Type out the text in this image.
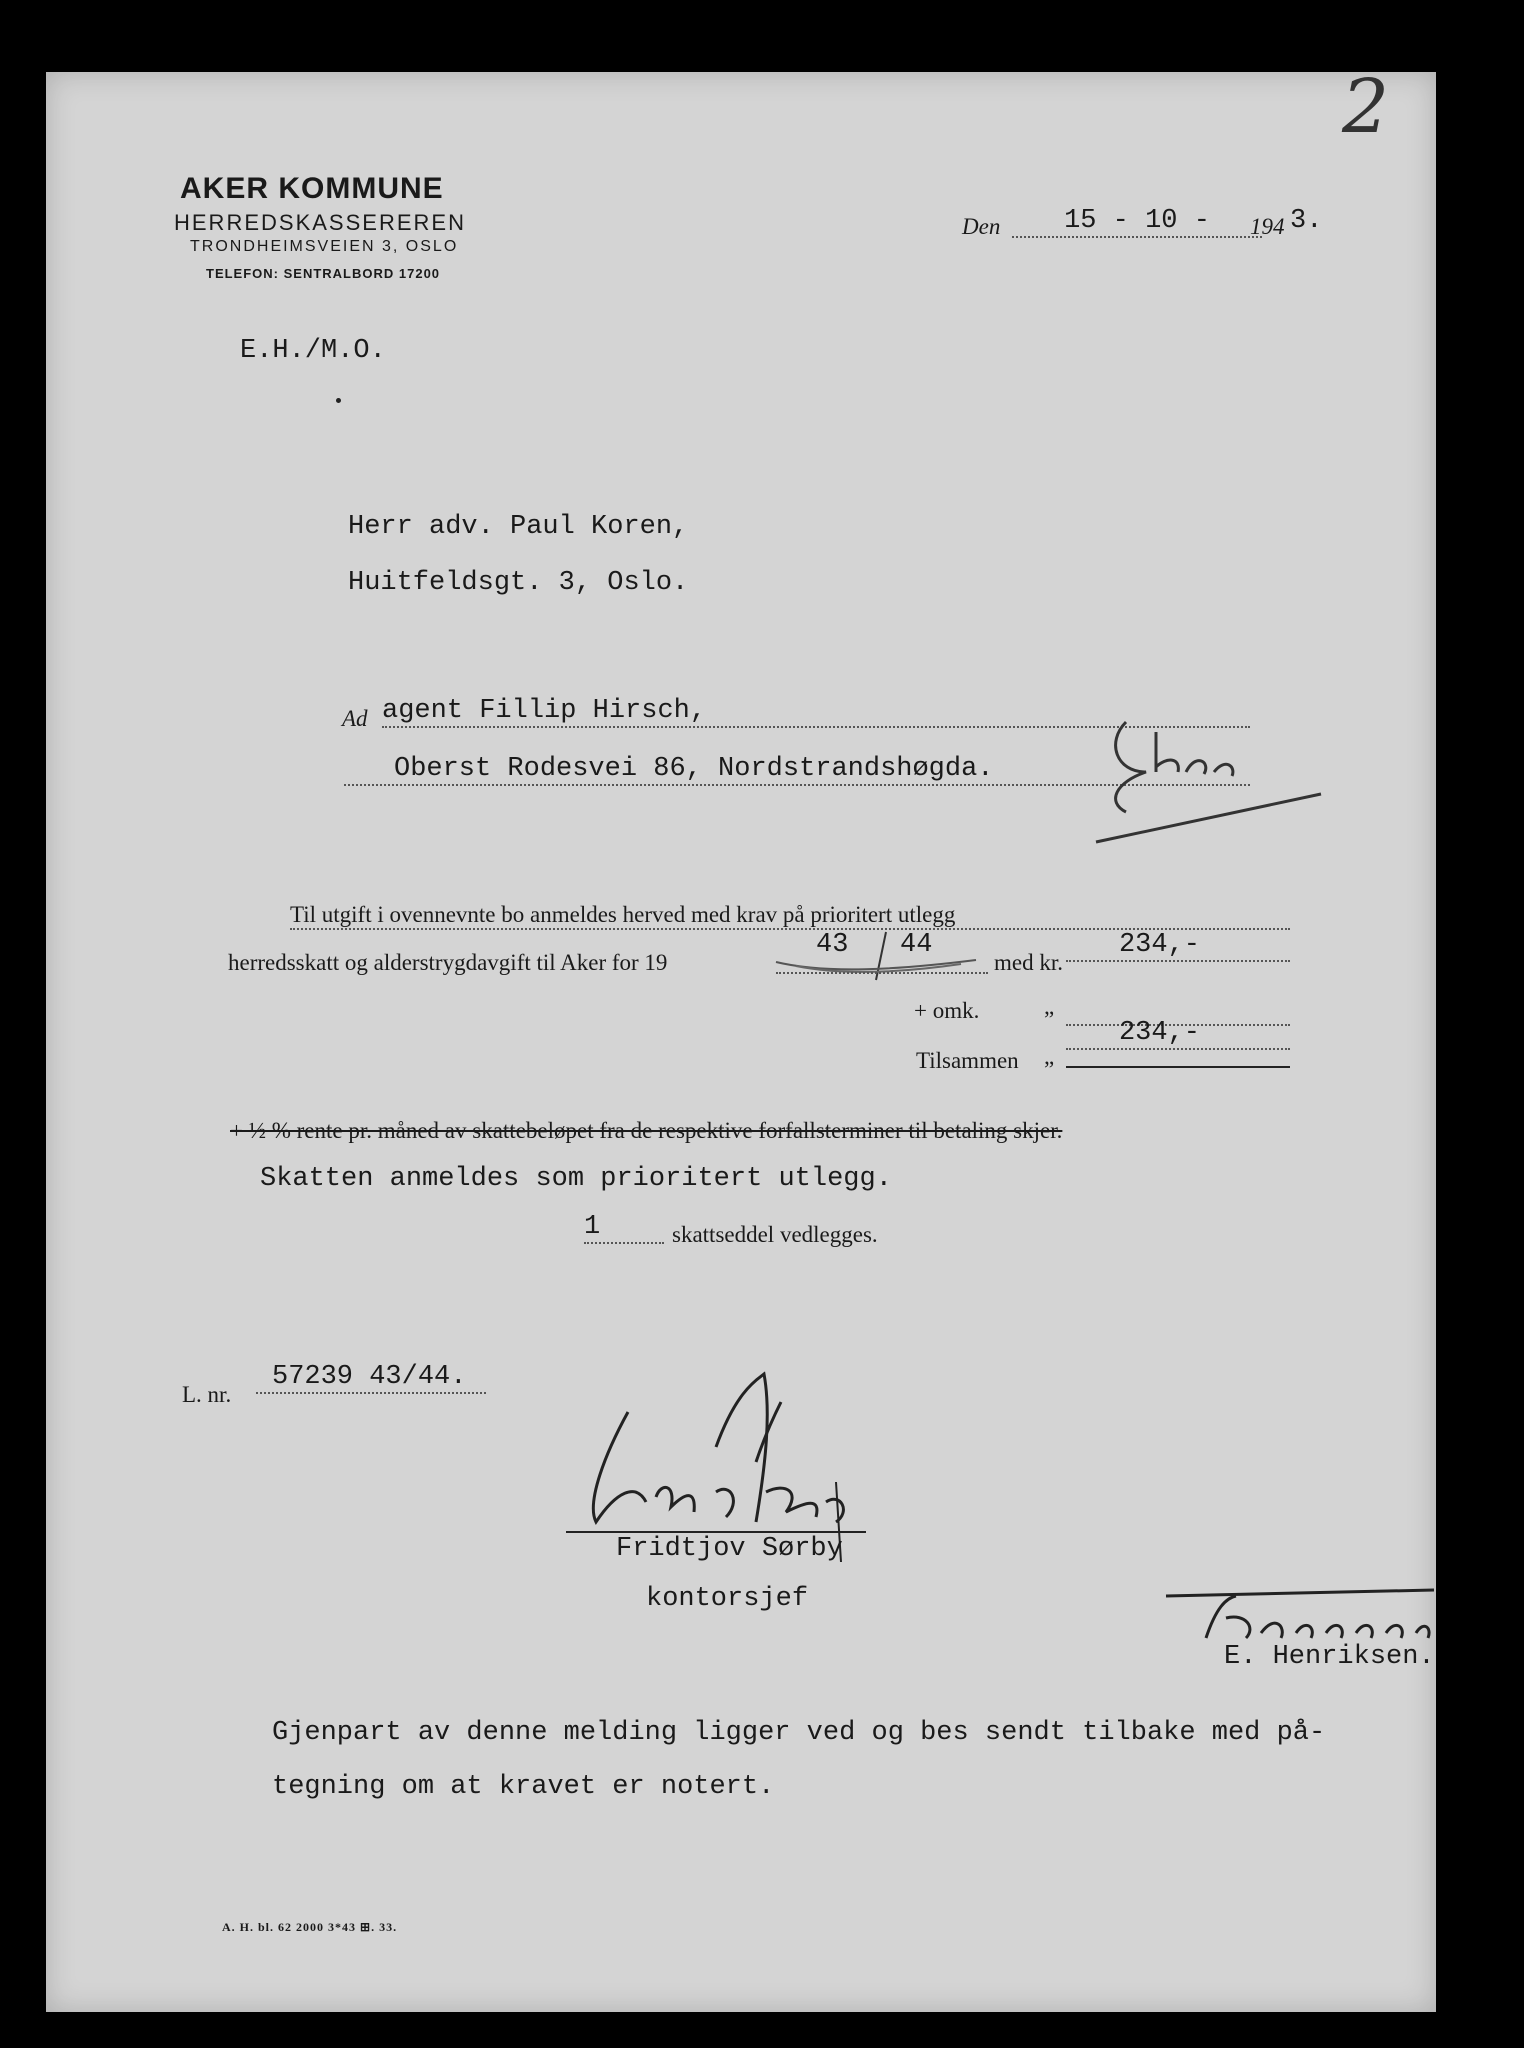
2
AKER KOMMUNE
HERREDSKASSEREREN
TRONDHEIMSVEIEN 3, OSLO
TELEFON: SENTRALBORD 17200
Den	15 - 10 -	194 3.
E.H./M.O.
Herr adv. Paul Koren,
Huitfeldsgt. 3, Oslo.
Ad agent Fillip Hirsch,
Oberst Rodesvei 86, Nordstrandshøgda.
Til utgift i ovennevnte bo anmeldes herved med krav på prioritert utlegg
herredsskatt og alderstrygdavgift til Aker for 19
43 44
med kr.
234,-
+ omk.	„
Tilsammen „
234,-
+ ½ % rente pr. måned av skattebeløpet fra de respektive forfallsterminer til betaling skjer.
Skatten anmeldes som prioritert utlegg.
1	skattseddel vedlegges.
L. nr.
57239 43/44.
Fridtjov Sørby
kontorsjef
E. Henriksen.
Gjenpart av denne melding ligger ved og bes sendt tilbake med på-
tegning om at kravet er notert.
A. H. bl. 62 2000 3*43 ⊞. 33.
